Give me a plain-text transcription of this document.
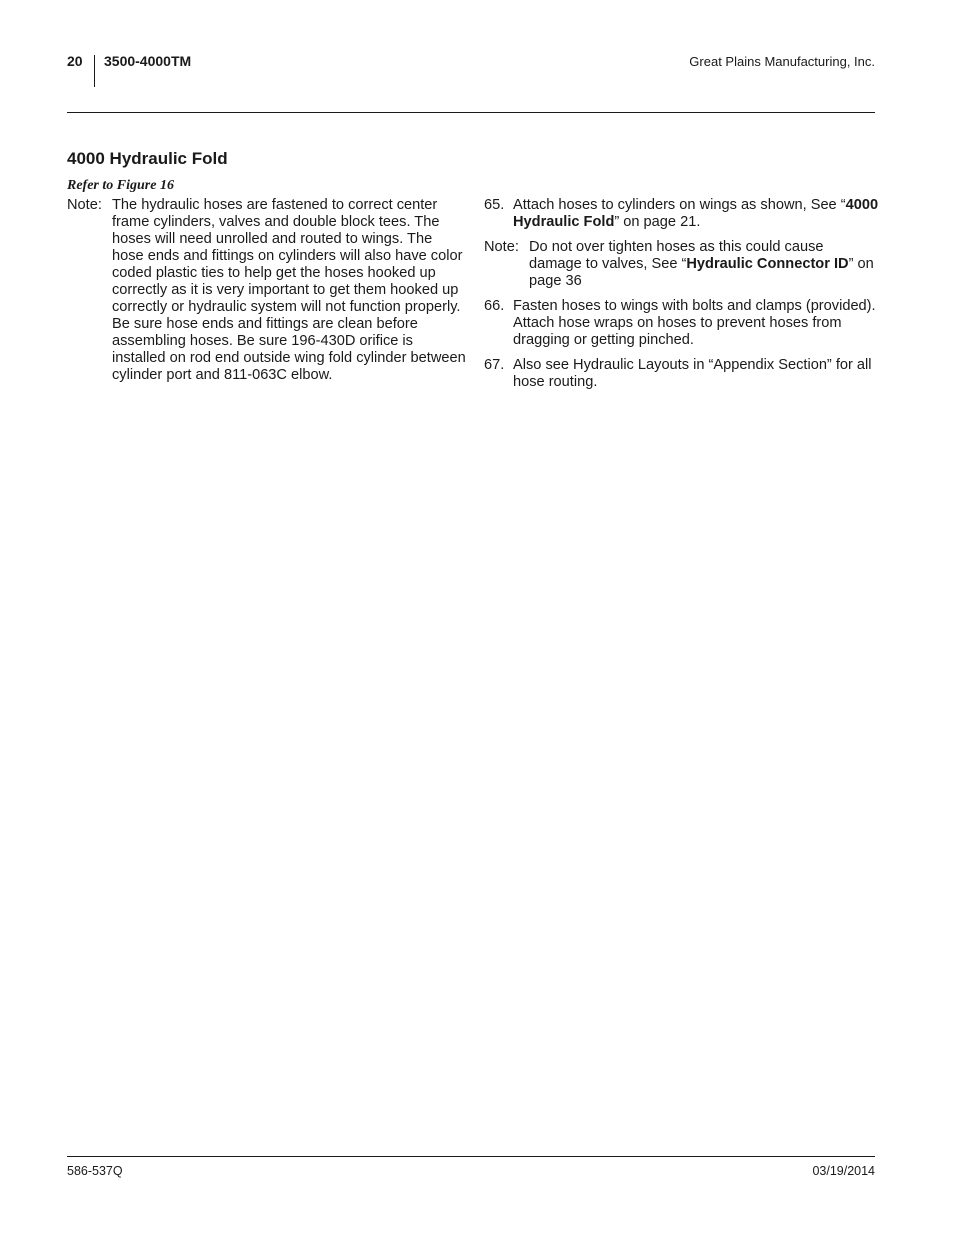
20 3500-4000TM	Great Plains Manufacturing, Inc.
4000 Hydraulic Fold
Refer to Figure 16
Note: The hydraulic hoses are fastened to correct center frame cylinders, valves and double block tees. The hoses will need unrolled and routed to wings. The hose ends and fittings on cylinders will also have color coded plastic ties to help get the hoses hooked up correctly as it is very important to get them hooked up correctly or hydraulic system will not function properly. Be sure hose ends and fittings are clean before assembling hoses. Be sure 196-430D orifice is installed on rod end outside wing fold cylinder between cylinder port and 811-063C elbow.
65. Attach hoses to cylinders on wings as shown, See “4000 Hydraulic Fold” on page 21.
Note: Do not over tighten hoses as this could cause damage to valves, See “Hydraulic Connector ID” on page 36
66. Fasten hoses to wings with bolts and clamps (provided). Attach hose wraps on hoses to prevent hoses from dragging or getting pinched.
67. Also see Hydraulic Layouts in “Appendix Section” for all hose routing.
586-537Q	03/19/2014
